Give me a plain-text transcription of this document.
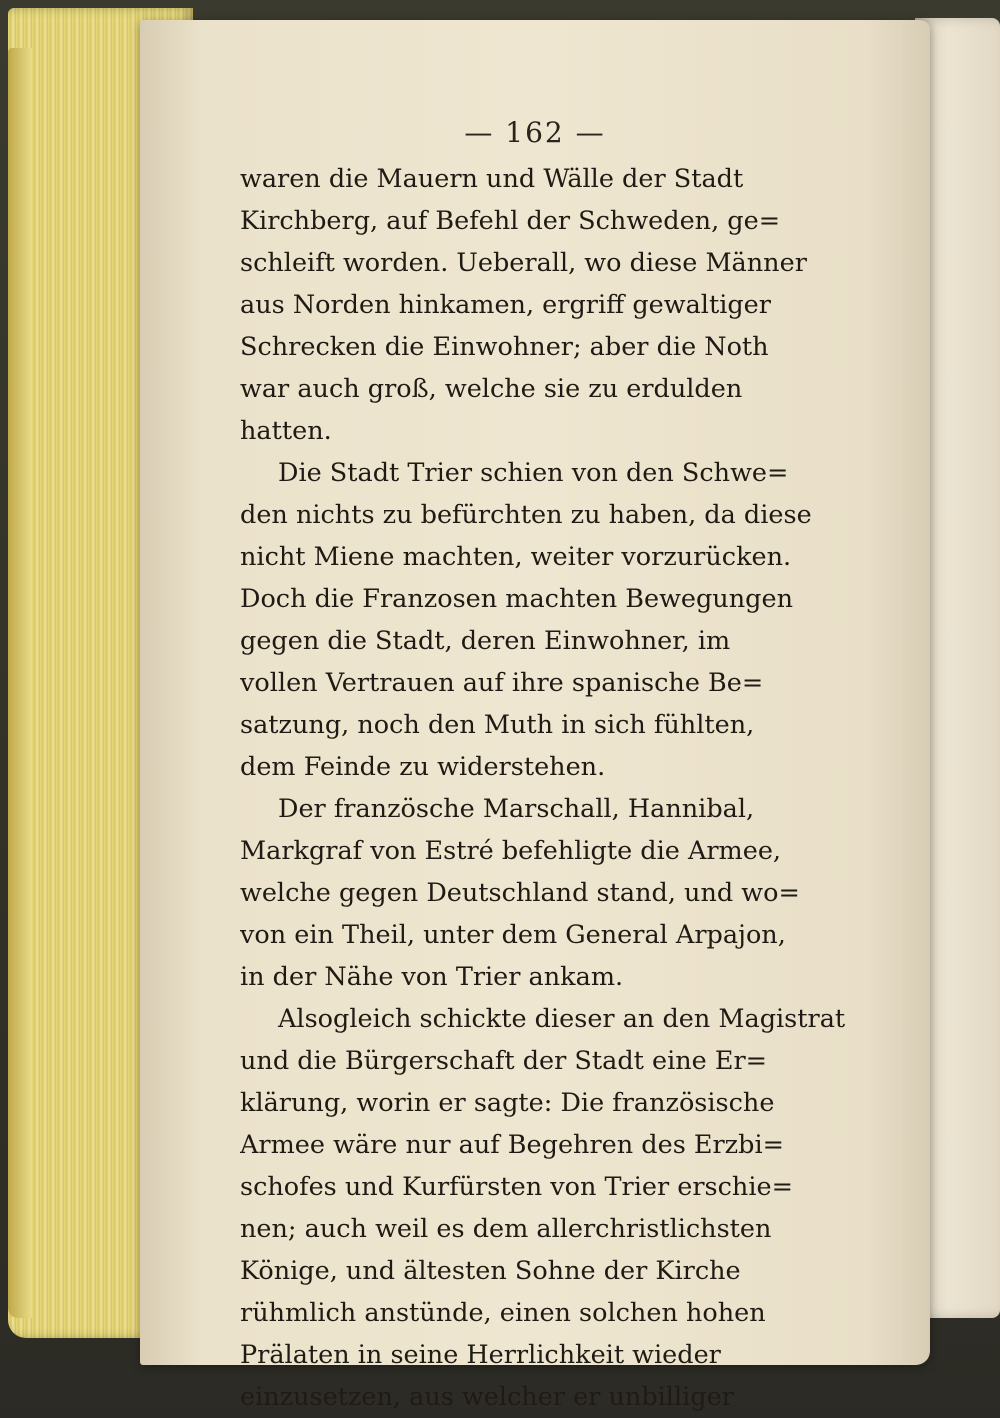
— 162 —
waren die Mauern und Wälle der Stadt
Kirchberg, auf Befehl der Schweden, ge=
schleift worden. Ueberall, wo diese Männer
aus Norden hinkamen, ergriff gewaltiger
Schrecken die Einwohner; aber die Noth
war auch groß, welche sie zu erdulden
hatten.
Die Stadt Trier schien von den Schwe=
den nichts zu befürchten zu haben, da diese
nicht Miene machten, weiter vorzurücken.
Doch die Franzosen machten Bewegungen
gegen die Stadt, deren Einwohner, im
vollen Vertrauen auf ihre spanische Be=
satzung, noch den Muth in sich fühlten,
dem Feinde zu widerstehen.
Der französche Marschall, Hannibal,
Markgraf von Estré befehligte die Armee,
welche gegen Deutschland stand, und wo=
von ein Theil, unter dem General Arpajon,
in der Nähe von Trier ankam.
Alsogleich schickte dieser an den Magistrat
und die Bürgerschaft der Stadt eine Er=
klärung, worin er sagte: Die französische
Armee wäre nur auf Begehren des Erzbi=
schofes und Kurfürsten von Trier erschie=
nen; auch weil es dem allerchristlichsten
Könige, und ältesten Sohne der Kirche
rühmlich anstünde, einen solchen hohen
Prälaten in seine Herrlichkeit wieder
einzusetzen, aus welcher er unbilliger
